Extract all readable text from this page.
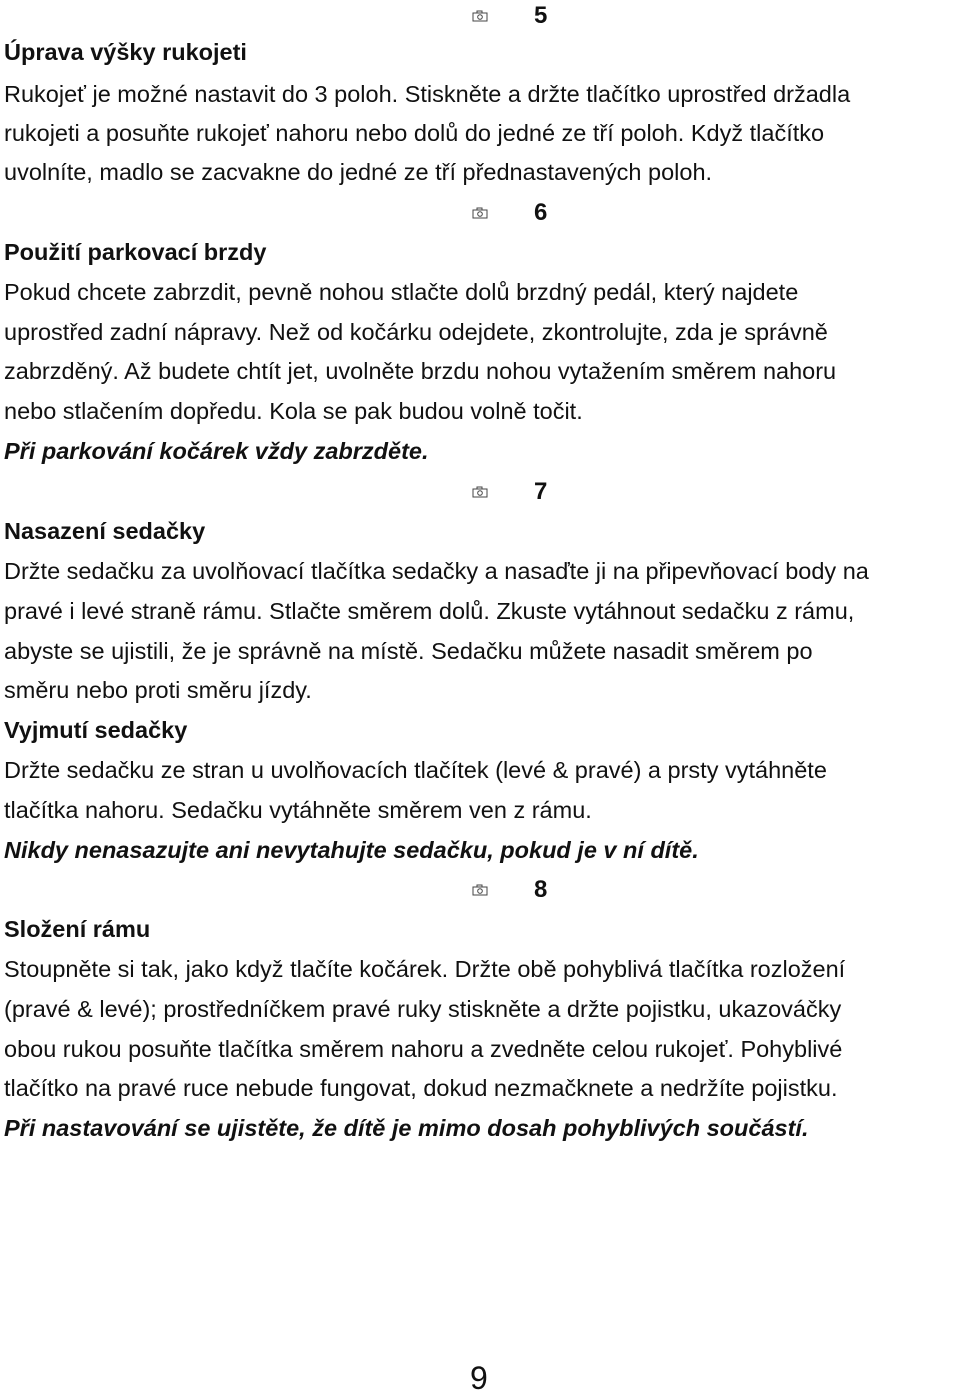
5
Úprava výšky rukojeti
Rukojeť je možné nastavit do 3 poloh. Stiskněte a držte tlačítko uprostřed držadla
rukojeti a posuňte rukojeť nahoru nebo dolů do jedné ze tří poloh. Když tlačítko
uvolníte, madlo se zacvakne do jedné ze tří přednastavených poloh.
6
Použití parkovací brzdy
Pokud chcete zabrzdit, pevně nohou stlačte dolů brzdný pedál, který najdete
uprostřed zadní nápravy. Než od kočárku odejdete, zkontrolujte, zda je správně
zabrzděný. Až budete chtít jet, uvolněte brzdu nohou vytažením směrem nahoru
nebo stlačením dopředu. Kola se pak budou volně točit.
Při parkování kočárek vždy zabrzděte.
7
Nasazení sedačky
Držte sedačku za uvolňovací tlačítka sedačky a nasaďte ji na připevňovací body na
pravé i levé straně rámu. Stlačte směrem dolů. Zkuste vytáhnout sedačku z rámu,
abyste se ujistili, že je správně na místě. Sedačku můžete nasadit směrem po
směru nebo proti směru jízdy.
Vyjmutí sedačky
Držte sedačku ze stran u uvolňovacích tlačítek (levé & pravé) a prsty vytáhněte
tlačítka nahoru. Sedačku vytáhněte směrem ven z rámu.
Nikdy nenasazujte ani nevytahujte sedačku, pokud je v ní dítě.
8
Složení rámu
Stoupněte si tak, jako když tlačíte kočárek. Držte obě pohyblivá tlačítka rozložení
(pravé & levé); prostředníčkem pravé ruky stiskněte a držte pojistku, ukazováčky
obou rukou posuňte tlačítka směrem nahoru a zvedněte celou rukojeť. Pohyblivé
tlačítko na pravé ruce nebude fungovat, dokud nezmačknete a nedržíte pojistku.
Při nastavování se ujistěte, že dítě je mimo dosah pohyblivých součástí.
9
